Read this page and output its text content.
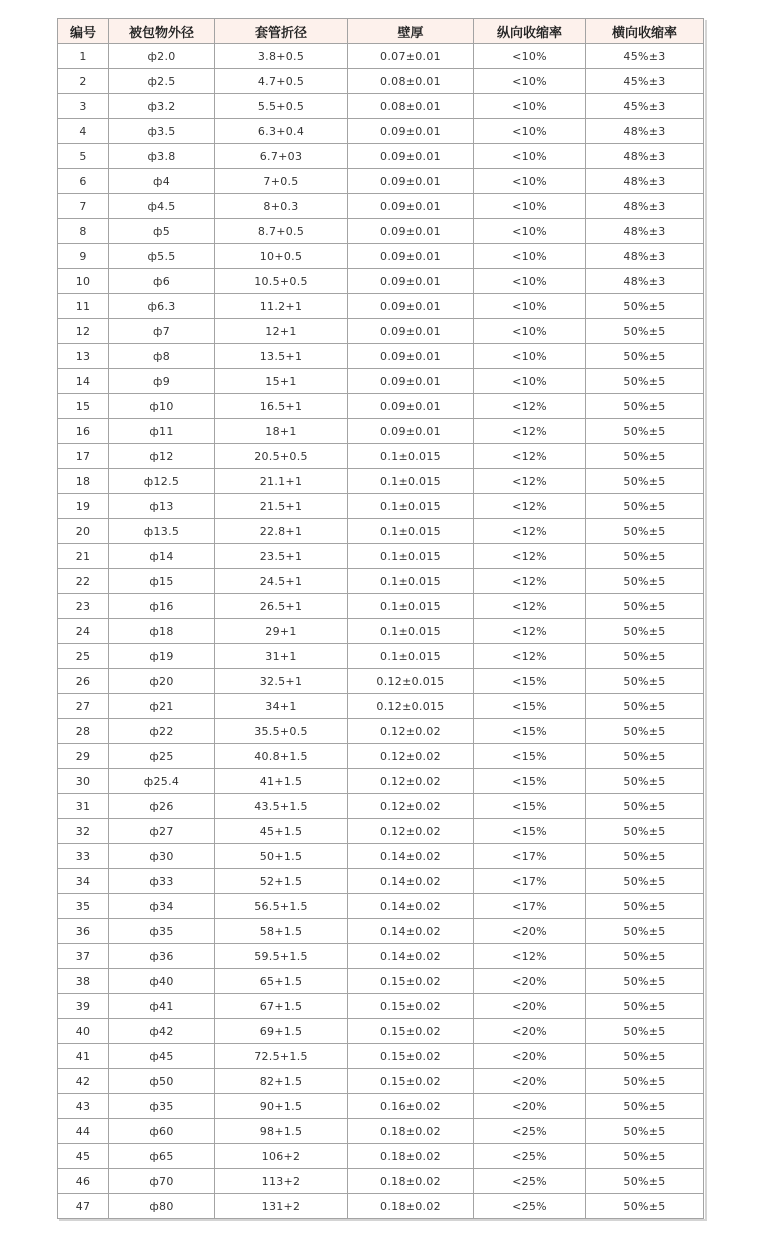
编号	被包物外径	套管折径	壁厚	纵向收缩率	横向收缩率
1	ф2.0	3.8+0.5	0.07±0.01	<10%	45%±3
2	ф2.5	4.7+0.5	0.08±0.01	<10%	45%±3
3	ф3.2	5.5+0.5	0.08±0.01	<10%	45%±3
4	ф3.5	6.3+0.4	0.09±0.01	<10%	48%±3
5	ф3.8	6.7+03	0.09±0.01	<10%	48%±3
6	ф4	7+0.5	0.09±0.01	<10%	48%±3
7	ф4.5	8+0.3	0.09±0.01	<10%	48%±3
8	ф5	8.7+0.5	0.09±0.01	<10%	48%±3
9	ф5.5	10+0.5	0.09±0.01	<10%	48%±3
10	ф6	10.5+0.5	0.09±0.01	<10%	48%±3
11	ф6.3	11.2+1	0.09±0.01	<10%	50%±5
12	ф7	12+1	0.09±0.01	<10%	50%±5
13	ф8	13.5+1	0.09±0.01	<10%	50%±5
14	ф9	15+1	0.09±0.01	<10%	50%±5
15	ф10	16.5+1	0.09±0.01	<12%	50%±5
16	ф11	18+1	0.09±0.01	<12%	50%±5
17	ф12	20.5+0.5	0.1±0.015	<12%	50%±5
18	ф12.5	21.1+1	0.1±0.015	<12%	50%±5
19	ф13	21.5+1	0.1±0.015	<12%	50%±5
20	ф13.5	22.8+1	0.1±0.015	<12%	50%±5
21	ф14	23.5+1	0.1±0.015	<12%	50%±5
22	ф15	24.5+1	0.1±0.015	<12%	50%±5
23	ф16	26.5+1	0.1±0.015	<12%	50%±5
24	ф18	29+1	0.1±0.015	<12%	50%±5
25	ф19	31+1	0.1±0.015	<12%	50%±5
26	ф20	32.5+1	0.12±0.015	<15%	50%±5
27	ф21	34+1	0.12±0.015	<15%	50%±5
28	ф22	35.5+0.5	0.12±0.02	<15%	50%±5
29	ф25	40.8+1.5	0.12±0.02	<15%	50%±5
30	ф25.4	41+1.5	0.12±0.02	<15%	50%±5
31	ф26	43.5+1.5	0.12±0.02	<15%	50%±5
32	ф27	45+1.5	0.12±0.02	<15%	50%±5
33	ф30	50+1.5	0.14±0.02	<17%	50%±5
34	ф33	52+1.5	0.14±0.02	<17%	50%±5
35	ф34	56.5+1.5	0.14±0.02	<17%	50%±5
36	ф35	58+1.5	0.14±0.02	<20%	50%±5
37	ф36	59.5+1.5	0.14±0.02	<12%	50%±5
38	ф40	65+1.5	0.15±0.02	<20%	50%±5
39	ф41	67+1.5	0.15±0.02	<20%	50%±5
40	ф42	69+1.5	0.15±0.02	<20%	50%±5
41	ф45	72.5+1.5	0.15±0.02	<20%	50%±5
42	ф50	82+1.5	0.15±0.02	<20%	50%±5
43	ф35	90+1.5	0.16±0.02	<20%	50%±5
44	ф60	98+1.5	0.18±0.02	<25%	50%±5
45	ф65	106+2	0.18±0.02	<25%	50%±5
46	ф70	113+2	0.18±0.02	<25%	50%±5
47	ф80	131+2	0.18±0.02	<25%	50%±5
